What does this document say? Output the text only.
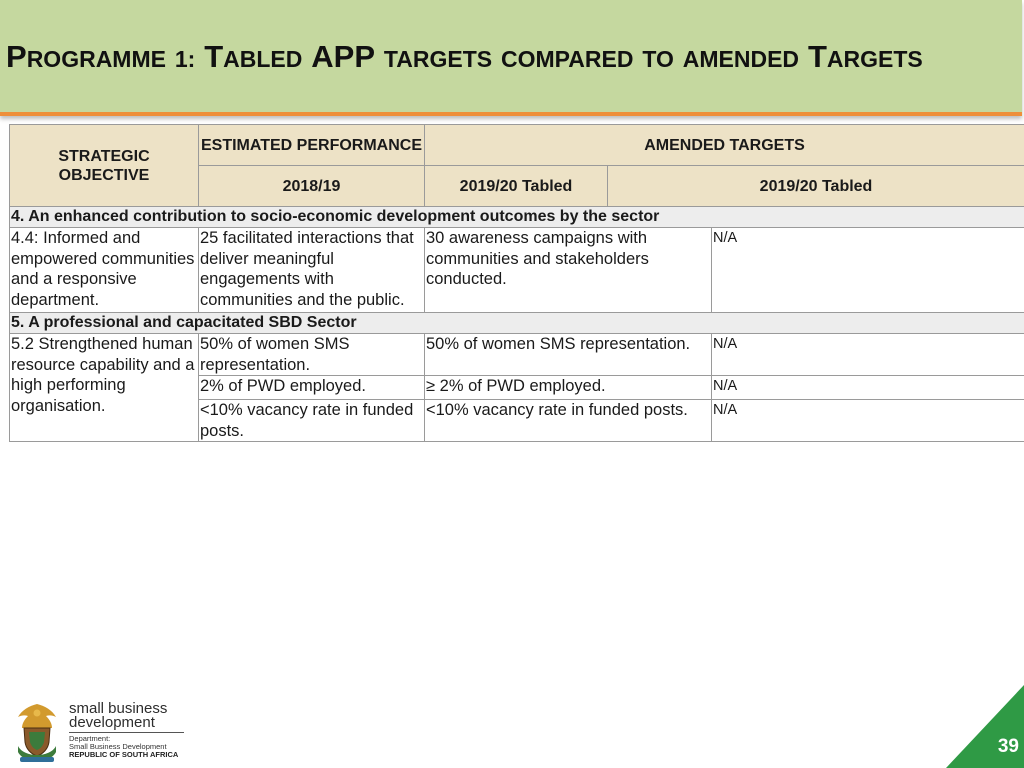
PROGRAMME 1: TABLED APP TARGETS COMPARED TO AMENDED TARGETS
STRATEGIC OBJECTIVE	ESTIMATED PERFORMANCE	AMENDED TARGETS		
	2018/19	2019/20 Tabled	2019/20 Tabled	
4. An enhanced contribution to socio-economic development outcomes by the sector				
4.4: Informed and empowered communities and a responsive department.	25 facilitated interactions that deliver meaningful engagements with communities and the public.	30 awareness campaigns with communities and stakeholders conducted.		N/A
5. A professional and capacitated SBD Sector				
5.2 Strengthened human resource capability and a high performing organisation.	50% of women SMS representation.	50% of women SMS representation.		N/A
	2% of PWD employed.	≥ 2% of PWD employed.		N/A
	<10% vacancy rate in funded posts.	<10% vacancy rate in funded posts.		N/A
small business
development
Department:
Small Business Development
REPUBLIC OF SOUTH AFRICA	39
